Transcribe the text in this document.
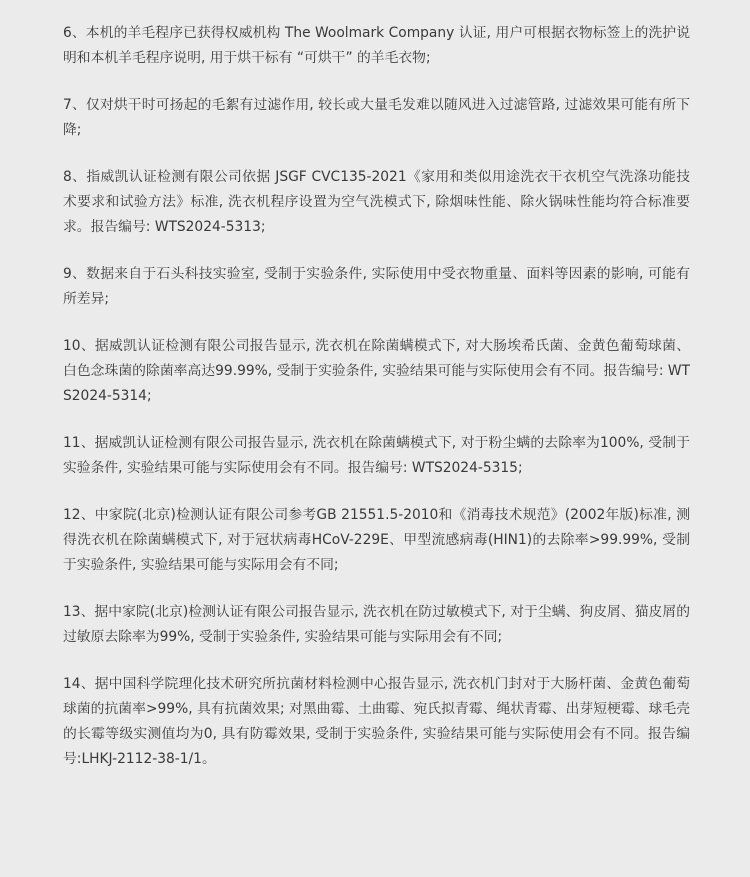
6、本机的羊毛程序已获得权威机构 The Woolmark Company 认证, 用户可根据衣物标签上的洗护说明和本机羊毛程序说明, 用于烘干标有 “可烘干” 的羊毛衣物;

7、仅对烘干时可扬起的毛絮有过滤作用, 较长或大量毛发难以随风进入过滤管路, 过滤效果可能有所下降;

8、指威凯认证检测有限公司依据 JSGF CVC135-2021《家用和类似用途洗衣干衣机空气洗涤功能技术要求和试验方法》标准, 洗衣机程序设置为空气洗模式下, 除烟味性能、除火锅味性能均符合标准要求。报告编号: WTS2024-5313;

9、数据来自于石头科技实验室, 受制于实验条件, 实际使用中受衣物重量、面料等因素的影响, 可能有所差异;

10、据威凯认证检测有限公司报告显示, 洗衣机在除菌螨模式下, 对大肠埃希氏菌、金黄色葡萄球菌、白色念珠菌的除菌率高达99.99%, 受制于实验条件, 实验结果可能与实际使用会有不同。报告编号: WTS2024-5314;

11、据威凯认证检测有限公司报告显示, 洗衣机在除菌螨模式下, 对于粉尘螨的去除率为100%, 受制于实验条件, 实验结果可能与实际使用会有不同。报告编号: WTS2024-5315;

12、中家院(北京)检测认证有限公司参考GB 21551.5-2010和《消毒技术规范》(2002年版)标准, 测得洗衣机在除菌螨模式下, 对于冠状病毒HCoV-229E、甲型流感病毒(HIN1)的去除率>99.99%, 受制于实验条件, 实验结果可能与实际用会有不同;

13、据中家院(北京)检测认证有限公司报告显示, 洗衣机在防过敏模式下, 对于尘螨、狗皮屑、猫皮屑的过敏原去除率为99%, 受制于实验条件, 实验结果可能与实际用会有不同;

14、据中国科学院理化技术研究所抗菌材料检测中心报告显示, 洗衣机门封对于大肠杆菌、金黄色葡萄球菌的抗菌率>99%, 具有抗菌效果; 对黑曲霉、土曲霉、宛氏拟青霉、绳状青霉、出芽短梗霉、球毛壳的长霉等级实测值均为0, 具有防霉效果, 受制于实验条件, 实验结果可能与实际使用会有不同。报告编号:LHKJ-2112-38-1/1。
